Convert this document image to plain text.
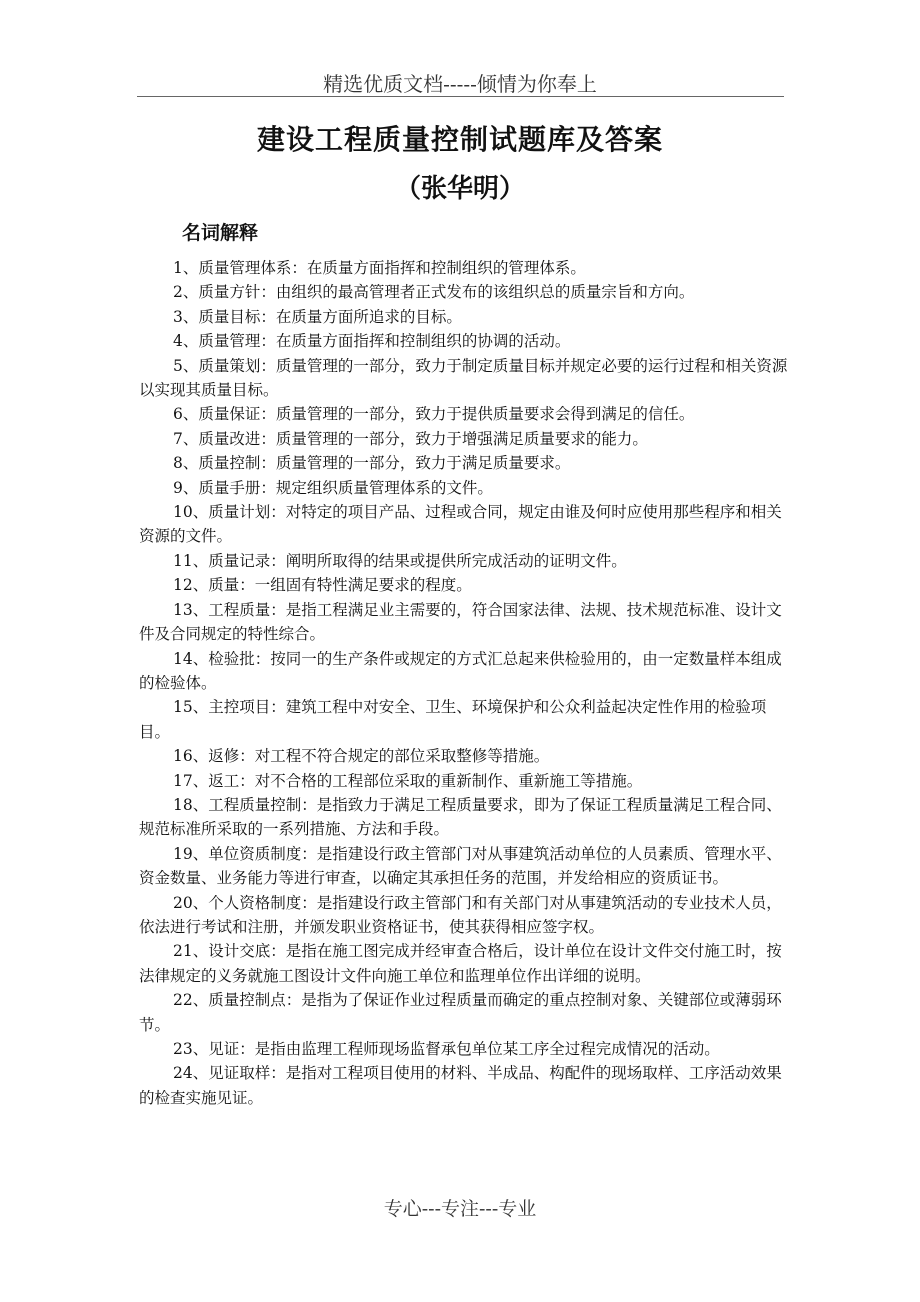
精选优质文档-----倾情为你奉上
建设工程质量控制试题库及答案
（张华明）
名词解释

1、质量管理体系：在质量方面指挥和控制组织的管理体系。

2、质量方针：由组织的最高管理者正式发布的该组织总的质量宗旨和方向。

3、质量目标：在质量方面所追求的目标。

4、质量管理：在质量方面指挥和控制组织的协调的活动。

5、质量策划：质量管理的一部分，致力于制定质量目标并规定必要的运行过程和相关资源以实现其质量目标。

6、质量保证：质量管理的一部分，致力于提供质量要求会得到满足的信任。

7、质量改进：质量管理的一部分，致力于增强满足质量要求的能力。

8、质量控制：质量管理的一部分，致力于满足质量要求。

9、质量手册：规定组织质量管理体系的文件。

10、质量计划：对特定的项目产品、过程或合同，规定由谁及何时应使用那些程序和相关资源的文件。

11、质量记录：阐明所取得的结果或提供所完成活动的证明文件。

12、质量：一组固有特性满足要求的程度。

13、工程质量：是指工程满足业主需要的，符合国家法律、法规、技术规范标准、设计文件及合同规定的特性综合。

14、检验批：按同一的生产条件或规定的方式汇总起来供检验用的，由一定数量样本组成的检验体。

15、主控项目：建筑工程中对安全、卫生、环境保护和公众利益起决定性作用的检验项目。

16、返修：对工程不符合规定的部位采取整修等措施。

17、返工：对不合格的工程部位采取的重新制作、重新施工等措施。

18、工程质量控制：是指致力于满足工程质量要求，即为了保证工程质量满足工程合同、规范标准所采取的一系列措施、方法和手段。

19、单位资质制度：是指建设行政主管部门对从事建筑活动单位的人员素质、管理水平、资金数量、业务能力等进行审查，以确定其承担任务的范围，并发给相应的资质证书。

20、个人资格制度：是指建设行政主管部门和有关部门对从事建筑活动的专业技术人员，依法进行考试和注册，并颁发职业资格证书，使其获得相应签字权。

21、设计交底：是指在施工图完成并经审查合格后，设计单位在设计文件交付施工时，按法律规定的义务就施工图设计文件向施工单位和监理单位作出详细的说明。

22、质量控制点：是指为了保证作业过程质量而确定的重点控制对象、关键部位或薄弱环节。

23、见证：是指由监理工程师现场监督承包单位某工序全过程完成情况的活动。

24、见证取样：是指对工程项目使用的材料、半成品、构配件的现场取样、工序活动效果的检查实施见证。

专心---专注---专业
